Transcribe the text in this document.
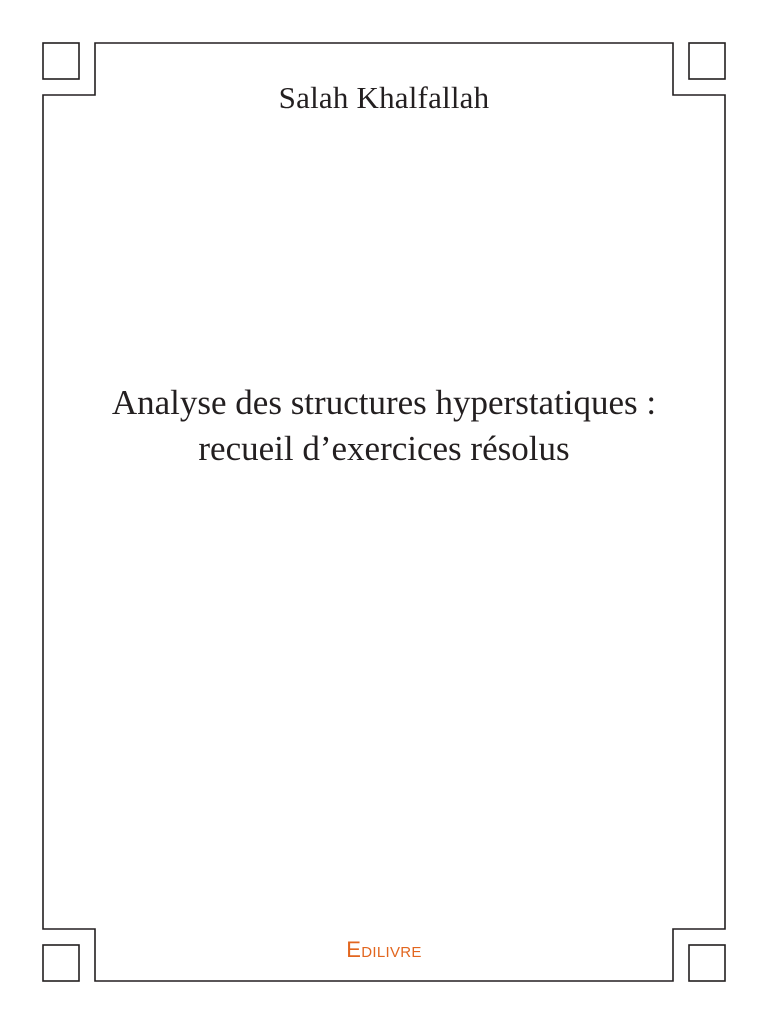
Salah Khalfallah
Analyse des structures hyperstatiques :
recueil d’exercices résolus
Edilivre
